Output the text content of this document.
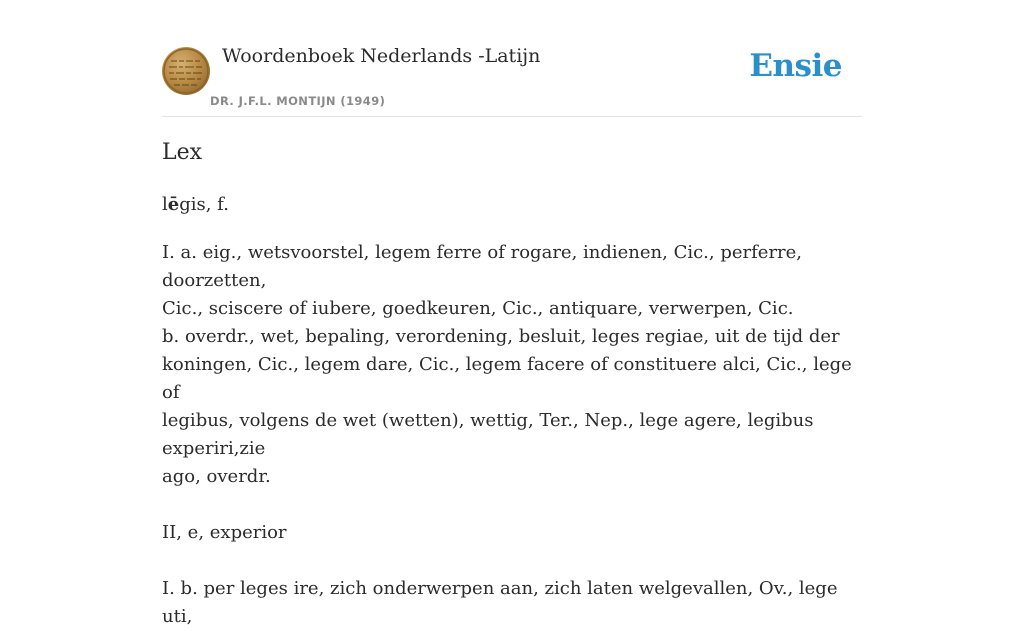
Woordenboek Nederlands -Latijn
DR. J.F.L. MONTIJN (1949)
Ensie
Lex
lēgis, f.

I. a. eig., wetsvoorstel, legem ferre of rogare, indienen, Cic., perferre, doorzetten,

Cic., sciscere of iubere, goedkeuren, Cic., antiquare, verwerpen, Cic.

b. overdr., wet, bepaling, verordening, besluit, leges regiae, uit de tijd der

koningen, Cic., legem dare, Cic., legem facere of constituere alci, Cic., lege of

legibus, volgens de wet (wetten), wettig, Ter., Nep., lege agere, legibus experiri,zie

ago, overdr.

II, e, experior

I. b. per leges ire, zich onderwerpen aan, zich laten welgevallen, Ov., lege uti,
